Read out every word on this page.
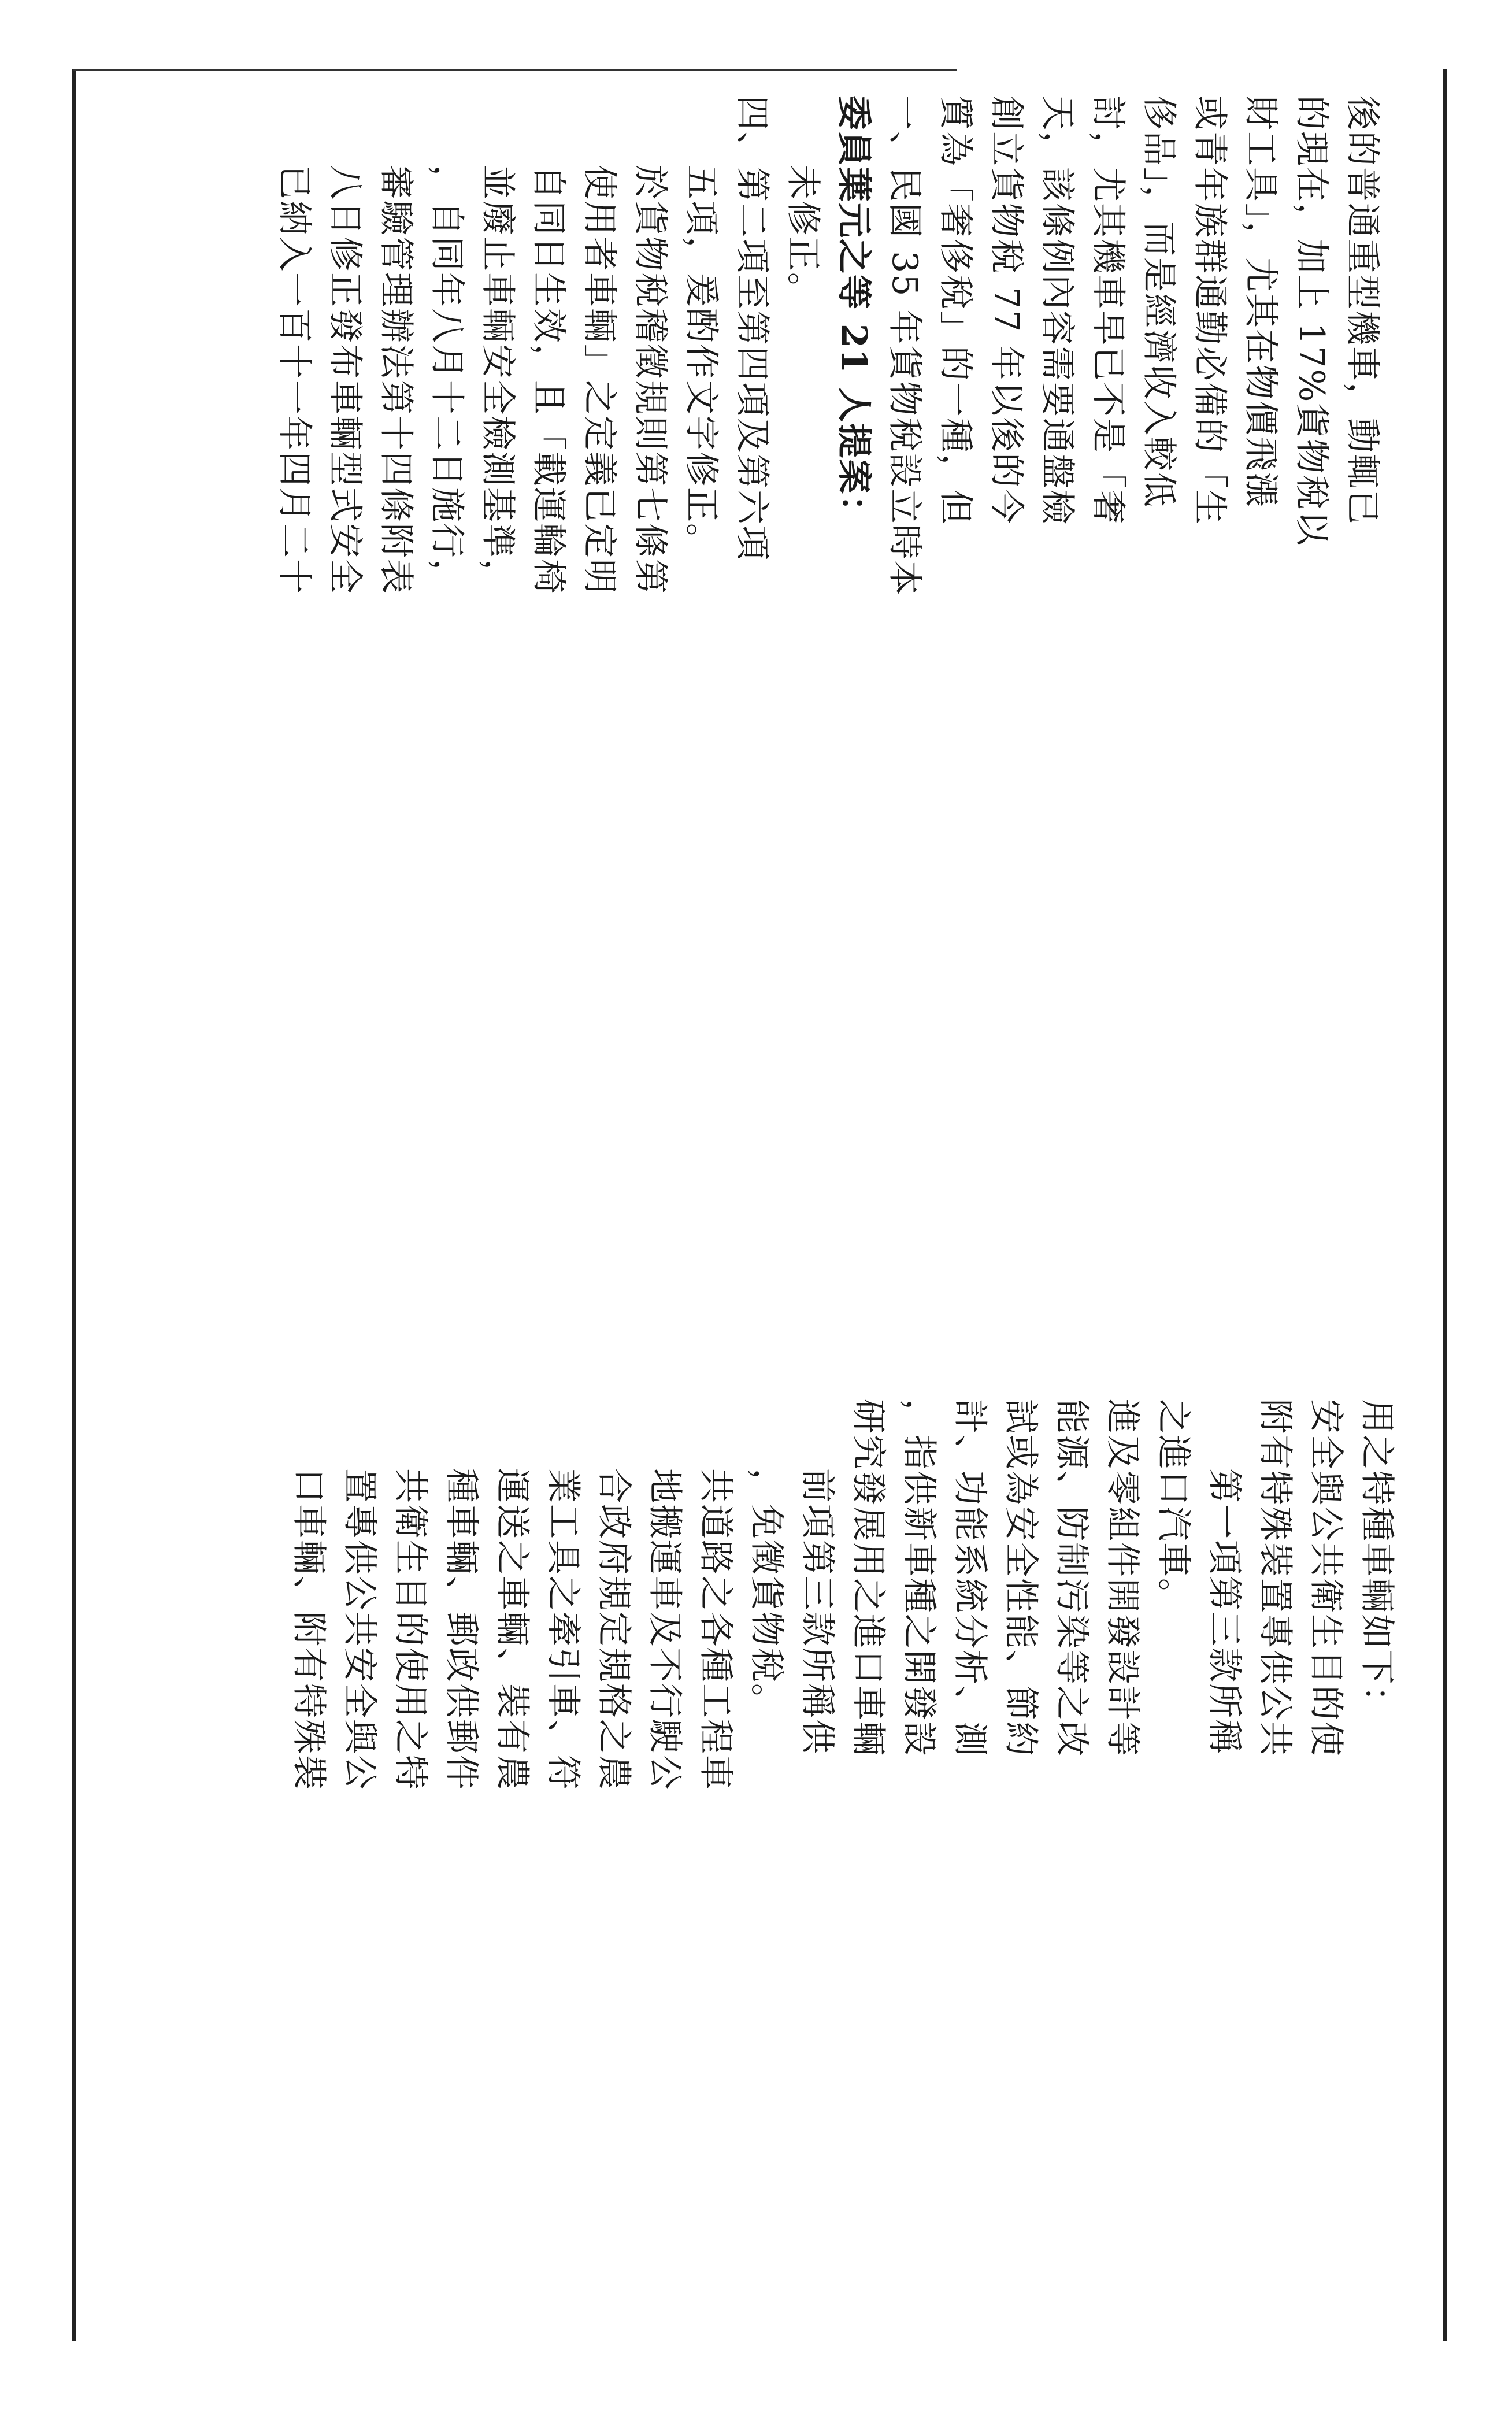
後的普通重型機車，動輒已
的現在，加上 17%貨物稅以
財工具」，尤其在物價飛漲
或青年族群通勤必備的「生
侈品」，而是經濟收入較低
討，尤其機車早已不是「奢
天，該條例內容需要通盤檢
創立貨物稅 77 年以後的今
質為「奢侈稅」的一種，但
一、民國 35 年貨物稅設立時本
委員葉元之等 21 人提案：
未修正。
四、第二項至第四項及第六項
五項，爰酌作文字修正。
於貨物稅稽徵規則第七條第
使用者車輛」之定義已定明
自同日生效，且「載運輪椅
並廢止車輛安全檢測基準，
，自同年八月十二日施行，
審驗管理辦法第十四條附表
八日修正發布車輛型式安全
已納入一百十一年四月二十
用之特種車輛如下：
安全與公共衛生目的使
附有特殊裝置專供公共
第一項第三款所稱
之進口汽車。
進及零組件開發設計等
能源、防制污染等之改
試或為安全性能、節約
計、功能系統分析、測
，指供新車種之開發設
研究發展用之進口車輛
前項第三款所稱供
，免徵貨物稅。
共道路之各種工程車
地搬運車及不行駛公
合政府規定規格之農
業工具之牽引車、符
運送之車輛、裝有農
種車輛、郵政供郵件
共衛生目的使用之特
置專供公共安全與公
口車輛、附有特殊裝
